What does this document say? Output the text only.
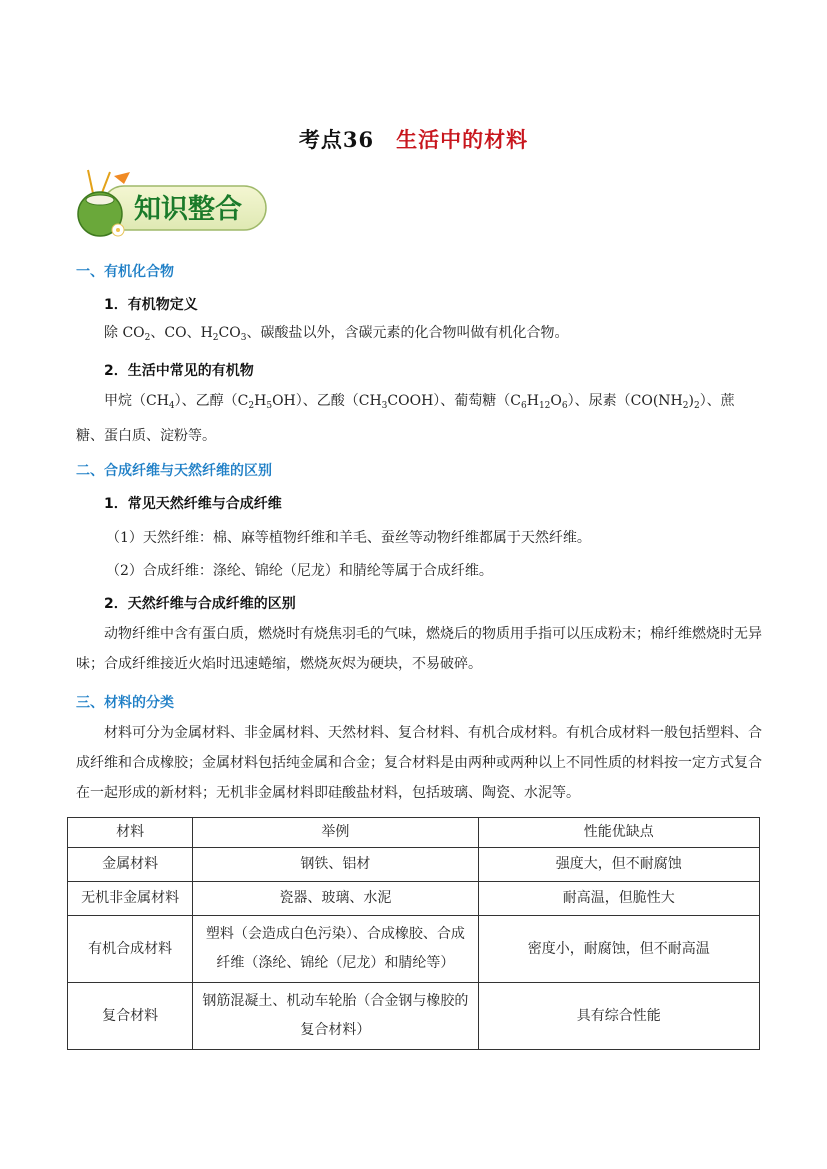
考点36 生活中的材料
知识整合
一、有机化合物
1．有机物定义
除 $CO_2$、CO、$H_2CO_3$、碳酸盐以外，含碳元素的化合物叫做有机化合物。
2．生活中常见的有机物
甲烷$(CH_4)$、乙醇$(C_2H_5OH)$、乙酸$(CH_3COOH)$、葡萄糖$(C_6H_{12}O_6)$、尿素$(CO(NH_2)_2)$、蔗糖、蛋白质、淀粉等。
二、合成纤维与天然纤维的区别
1．常见天然纤维与合成纤维
（1）天然纤维：棉、麻等植物纤维和羊毛、蚕丝等动物纤维都属于天然纤维。
（2）合成纤维：涤纶、锦纶（尼龙）和腈纶等属于合成纤维。
2．天然纤维与合成纤维的区别
动物纤维中含有蛋白质，燃烧时有烧焦羽毛的气味，燃烧后的物质用手指可以压成粉末；棉纤维燃烧时无异味；合成纤维接近火焰时迅速蜷缩，燃烧灰烬为硬块，不易破碎。
三、材料的分类
材料可分为金属材料、非金属材料、天然材料、复合材料、有机合成材料。有机合成材料一般包括塑料、合成纤维和合成橡胶；金属材料包括纯金属和合金；复合材料是由两种或两种以上不同性质的材料按一定方式复合在一起形成的新材料；无机非金属材料即硅酸盐材料，包括玻璃、陶瓷、水泥等。
材料	举例	性能优缺点
金属材料	钢铁、铝材	强度大，但不耐腐蚀
无机非金属材料	瓷器、玻璃、水泥	耐高温，但脆性大
有机合成材料	塑料（会造成白色污染）、合成橡胶、合成纤维（涤纶、锦纶（尼龙）和腈纶等）	密度小，耐腐蚀，但不耐高温
复合材料	钢筋混凝土、机动车轮胎（合金钢与橡胶的复合材料）	具有综合性能
